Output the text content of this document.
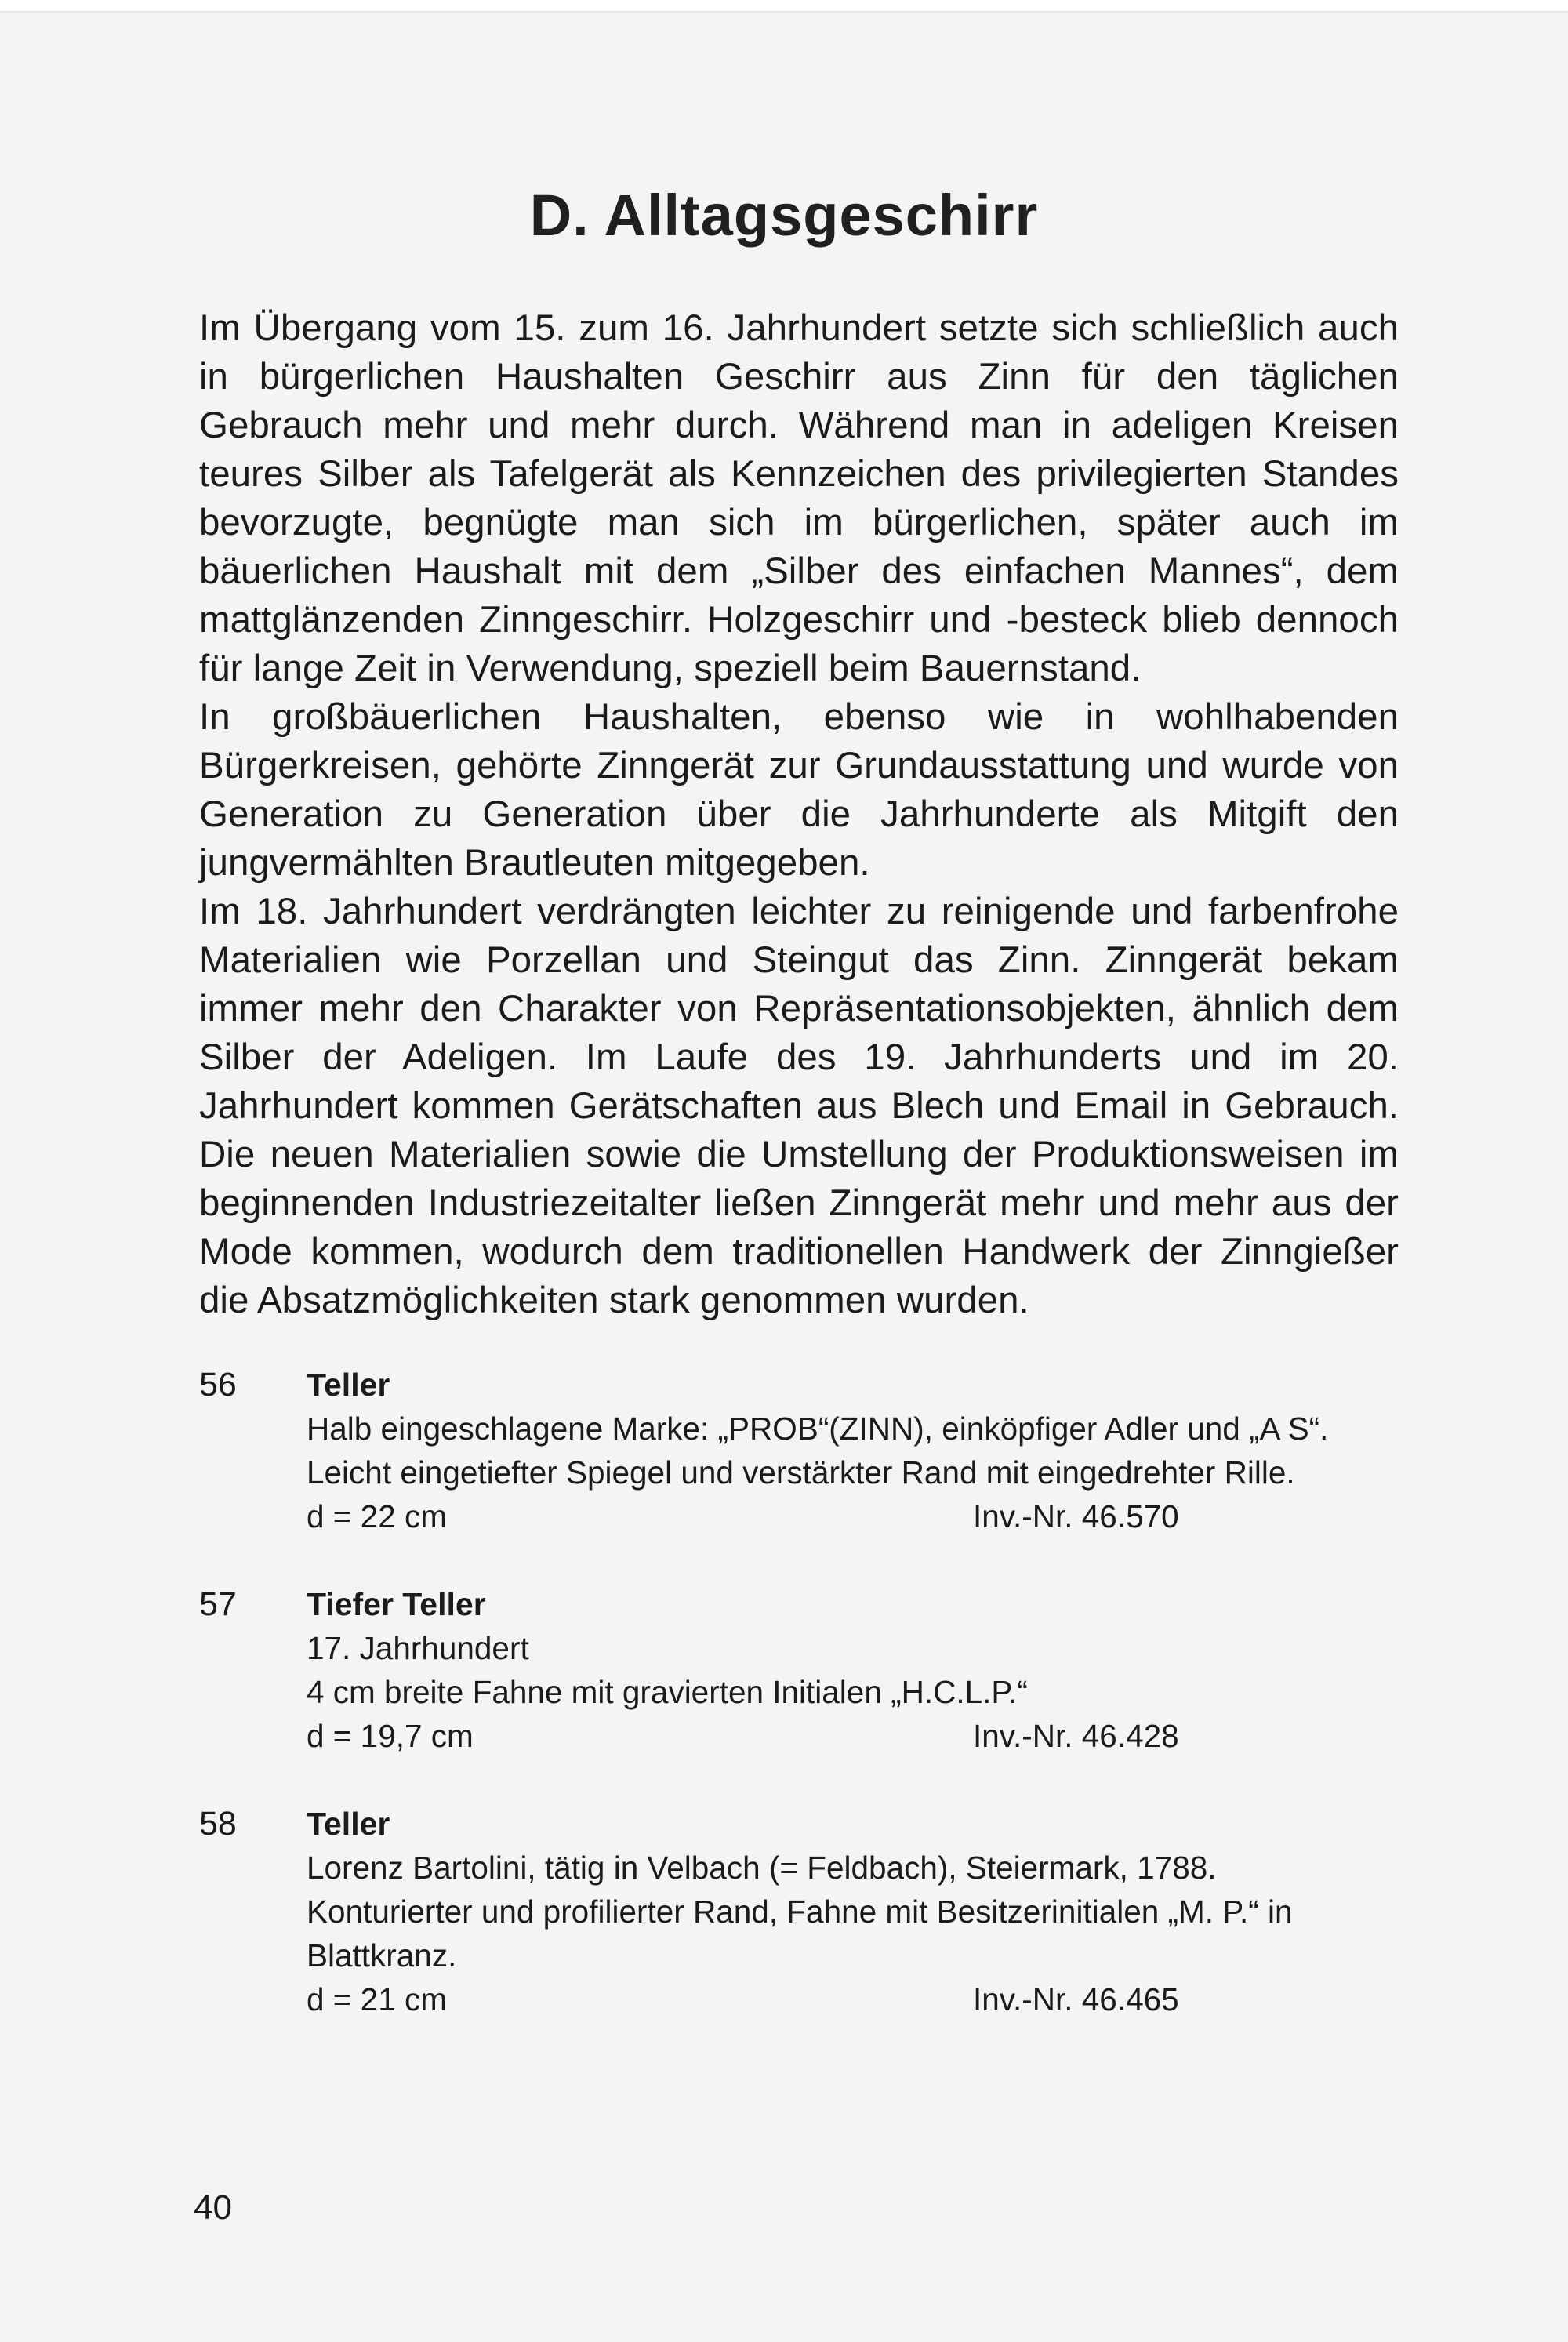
D. Alltagsgeschirr

Im Übergang vom 15. zum 16. Jahrhundert setzte sich schließlich auch in bürgerlichen Haushalten Geschirr aus Zinn für den täglichen Gebrauch mehr und mehr durch. Während man in adeligen Kreisen teures Silber als Tafelgerät als Kennzeichen des privilegierten Standes bevorzugte, begnügte man sich im bürgerlichen, später auch im bäuerlichen Haushalt mit dem „Silber des einfachen Mannes“, dem mattglänzenden Zinngeschirr. Holzgeschirr und -besteck blieb dennoch für lange Zeit in Verwendung, speziell beim Bauernstand.

In großbäuerlichen Haushalten, ebenso wie in wohlhabenden Bürgerkreisen, gehörte Zinngerät zur Grundausstattung und wurde von Generation zu Generation über die Jahrhunderte als Mitgift den jungvermählten Brautleuten mitgegeben.

Im 18. Jahrhundert verdrängten leichter zu reinigende und farbenfrohe Materialien wie Porzellan und Steingut das Zinn. Zinngerät bekam immer mehr den Charakter von Repräsentationsobjekten, ähnlich dem Silber der Adeligen. Im Laufe des 19. Jahrhunderts und im 20. Jahrhundert kommen Gerätschaften aus Blech und Email in Gebrauch. Die neuen Materialien sowie die Umstellung der Produktionsweisen im beginnenden Industriezeitalter ließen Zinngerät mehr und mehr aus der Mode kommen, wodurch dem traditionellen Handwerk der Zinngießer die Absatzmöglichkeiten stark genommen wurden.

56 Teller
Halb eingeschlagene Marke: „PROB“(ZINN), einköpfiger Adler und „A S“.
Leicht eingetiefter Spiegel und verstärkter Rand mit eingedrehter Rille.
d = 22 cm	Inv.-Nr. 46.570
57 Tiefer Teller
17. Jahrhundert
4 cm breite Fahne mit gravierten Initialen „H.C.L.P.“
d = 19,7 cm	Inv.-Nr. 46.428
58 Teller
Lorenz Bartolini, tätig in Velbach (= Feldbach), Steiermark, 1788.
Konturierter und profilierter Rand, Fahne mit Besitzerinitialen „M. P.“ in Blattkranz.
d = 21 cm	Inv.-Nr. 46.465
40
